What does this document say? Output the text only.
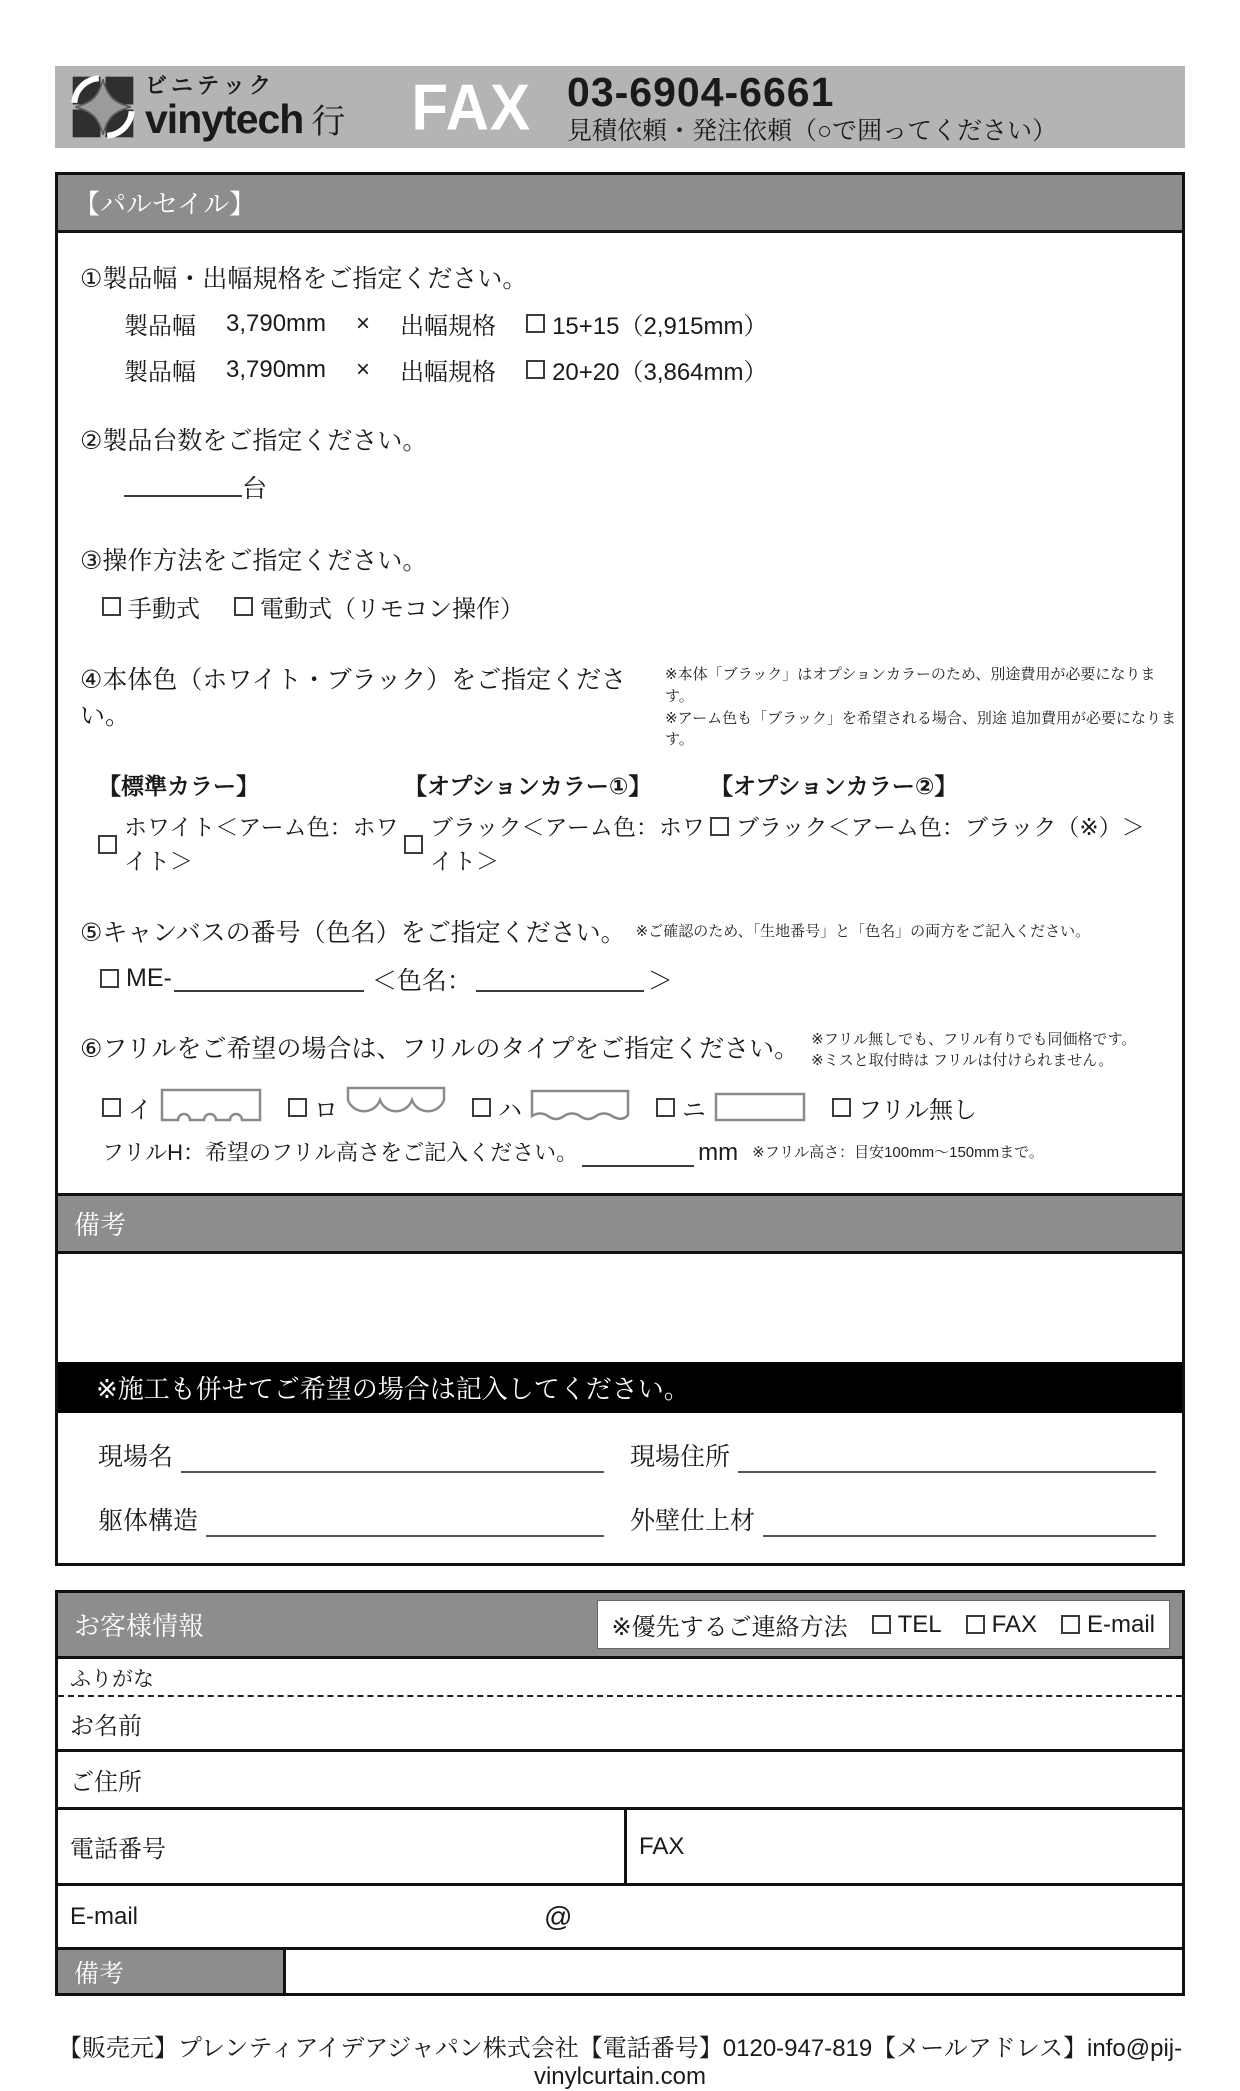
ビニテック
vinytech 行 FAX 03-6904-6661
見積依頼・発注依頼（○で囲ってください）
【パルセイル】
①製品幅・出幅規格をご指定ください。
製品幅 3,790mm × 出幅規格 15+15（2,915mm）
製品幅 3,790mm × 出幅規格 20+20（3,864mm）
②製品台数をご指定ください。
台
③操作方法をご指定ください。
手動式	電動式（リモコン操作）
④本体色（ホワイト・ブラック）をご指定ください。
※本体「ブラック」はオプションカラーのため、別途費用が必要になります。
※アーム色も「ブラック」を希望される場合、別途 追加費用が必要になります。
【標準カラー】
ホワイト＜アーム色：ホワイト＞
【オプションカラー①】
ブラック＜アーム色：ホワイト＞
【オプションカラー②】
ブラック＜アーム色：ブラック（※）＞
⑤キャンバスの番号（色名）をご指定ください。 ※ご確認のため、「生地番号」と「色名」の両方をご記入ください。
ME-	＜色名：	＞
⑥フリルをご希望の場合は、フリルのタイプをご指定ください。 ※フリル無しでも、フリル有りでも同価格です。
※ミスと取付時は フリルは付けられません。
イ	ロ	ハ	ニ	フリル無し
フリルH：希望のフリル高さをご記入ください。	mm ※フリル高さ：目安100mm〜150mmまで。
備考
※施工も併せてご希望の場合は記入してください。
現場名	現場住所
躯体構造	外壁仕上材
お客様情報	※優先するご連絡方法 TEL FAX E-mail
ふりがな
お名前
ご住所
電話番号	FAX
E-mail	@
備考
【販売元】プレンティアイデアジャパン株式会社【電話番号】0120-947-819【メールアドレス】info@pij-vinylcurtain.com
